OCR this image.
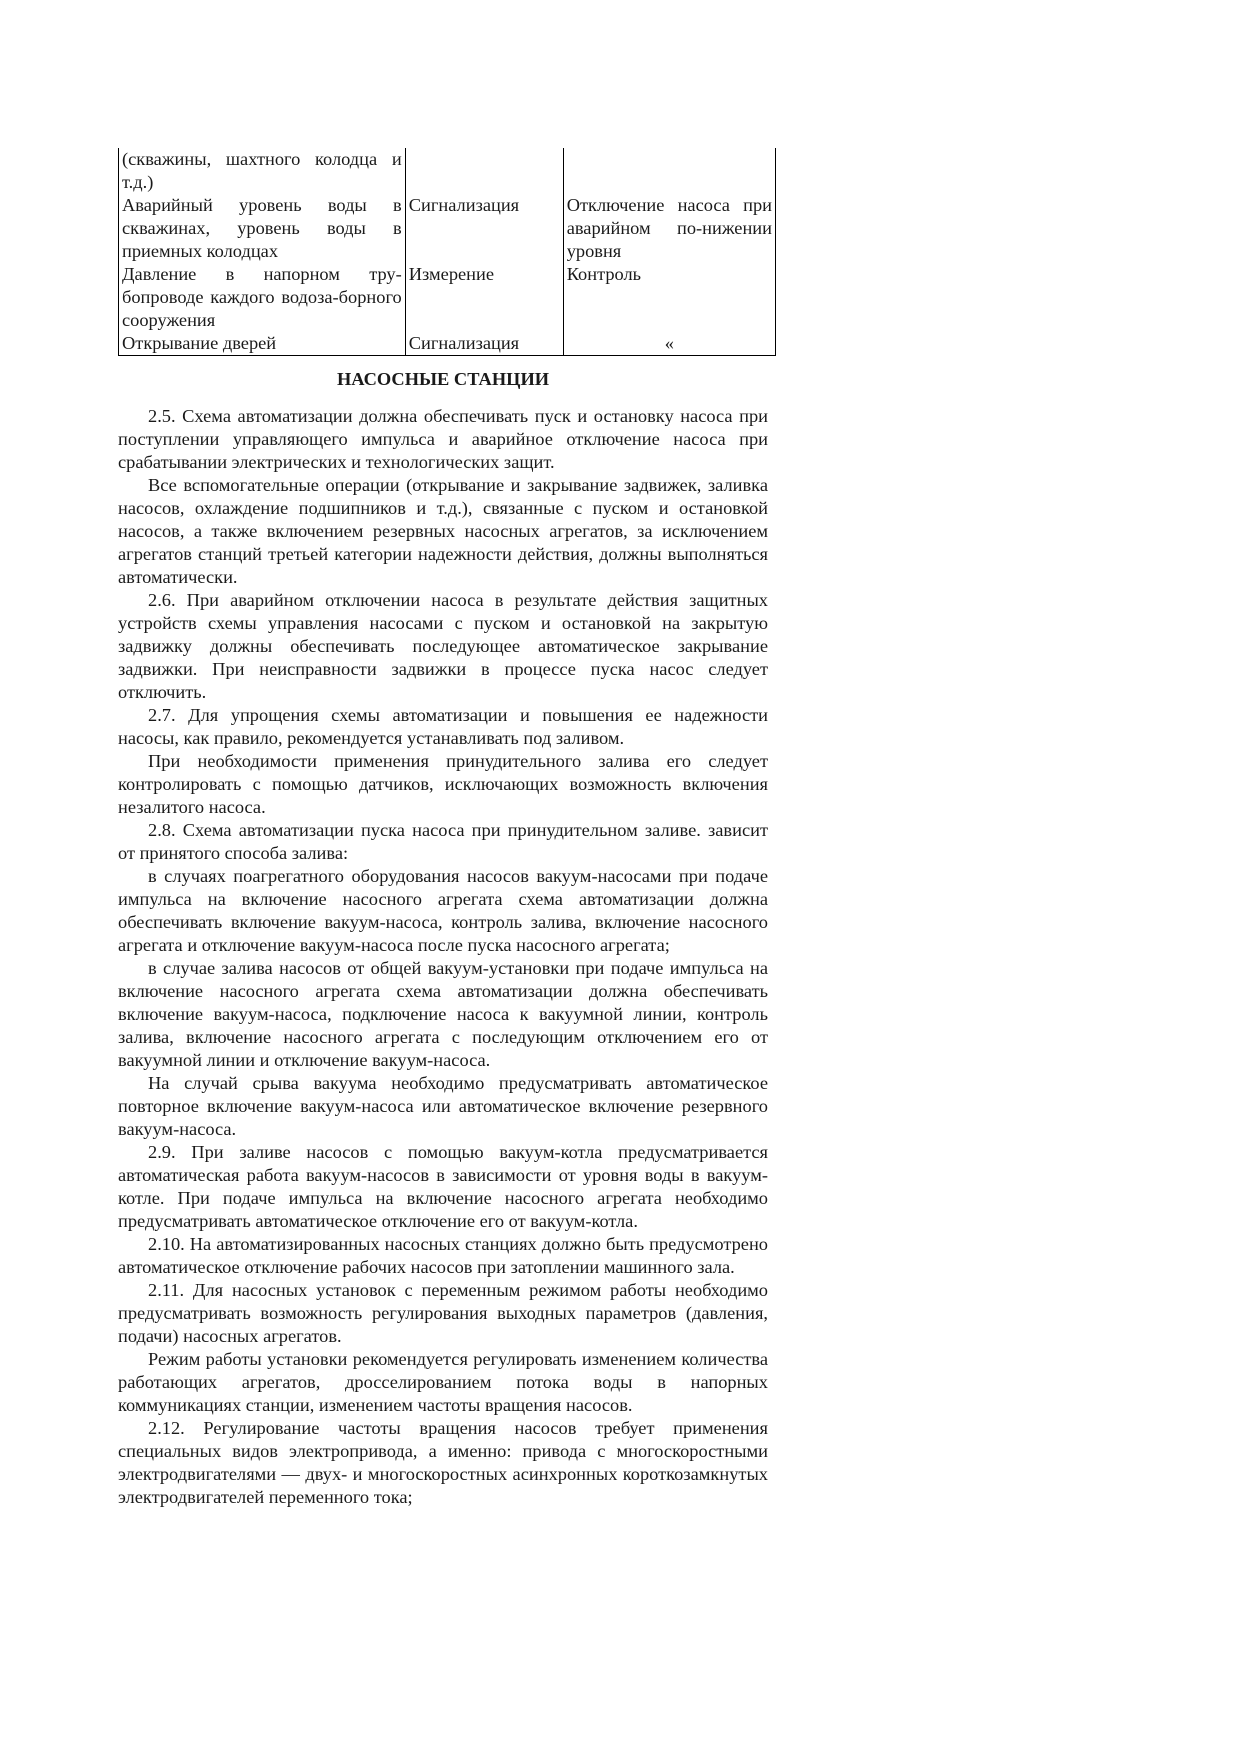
(скважины, шахтного колодца и т.д.)		
Аварийный уровень воды в скважинах, уровень воды в приемных колодцах	Сигнализация	Отключение насоса при аварийном по-нижении уровня
Давление в напорном тру-бопроводе каждого водоза-борного сооружения	Измерение	Контроль
Открывание дверей	Сигнализация	«
НАСОСНЫЕ СТАНЦИИ

2.5. Схема автоматизации должна обеспечивать пуск и остановку насоса при поступлении управляющего импульса и аварийное отключение насоса при срабатывании электрических и технологических защит.

Все вспомогательные операции (открывание и закрывание задвижек, заливка насосов, охлаждение подшипников и т.д.), связанные с пуском и остановкой насосов, а также включением резервных насосных агрегатов, за исключением агрегатов станций третьей категории надежности действия, должны выполняться автоматически.

2.6. При аварийном отключении насоса в результате действия защитных устройств схемы управления насосами с пуском и остановкой на закрытую задвижку должны обеспечивать последующее автоматическое закрывание задвижки. При неисправности задвижки в процессе пуска насос следует отключить.

2.7. Для упрощения схемы автоматизации и повышения ее надежности насосы, как правило, рекомендуется устанавливать под заливом.

При необходимости применения принудительного залива его следует контролировать с помощью датчиков, исключающих возможность включения незалитого насоса.

2.8. Схема автоматизации пуска насоса при принудительном заливе. зависит от принятого способа залива:

в случаях поагрегатного оборудования насосов вакуум-насосами при подаче импульса на включение насосного агрегата схема автоматизации должна обеспечивать включение вакуум-насоса, контроль залива, включение насосного агрегата и отключение вакуум-насоса после пуска насосного агрегата;

в случае залива насосов от общей вакуум-установки при подаче импульса на включение насосного агрегата схема автоматизации должна обеспечивать включение вакуум-насоса, подключение насоса к вакуумной линии, контроль залива, включение насосного агрегата с последующим отключением его от вакуумной линии и отключение вакуум-насоса.

На случай срыва вакуума необходимо предусматривать автоматическое повторное включение вакуум-насоса или автоматическое включение резервного вакуум-насоса.

2.9. При заливе насосов с помощью вакуум-котла предусматривается автоматическая работа вакуум-насосов в зависимости от уровня воды в вакуум-котле. При подаче импульса на включение насосного агрегата необходимо предусматривать автоматическое отключение его от вакуум-котла.

2.10. На автоматизированных насосных станциях должно быть предусмотрено автоматическое отключение рабочих насосов при затоплении машинного зала.

2.11. Для насосных установок с переменным режимом работы необходимо предусматривать возможность регулирования выходных параметров (давления, подачи) насосных агрегатов.

Режим работы установки рекомендуется регулировать изменением количества работающих агрегатов, дросселированием потока воды в напорных коммуникациях станции, изменением частоты вращения насосов.

2.12. Регулирование частоты вращения насосов требует применения специальных видов электропривода, а именно: привода с многоскоростными электродвигателями — двух- и многоскоростных асинхронных короткозамкнутых электродвигателей переменного тока;
